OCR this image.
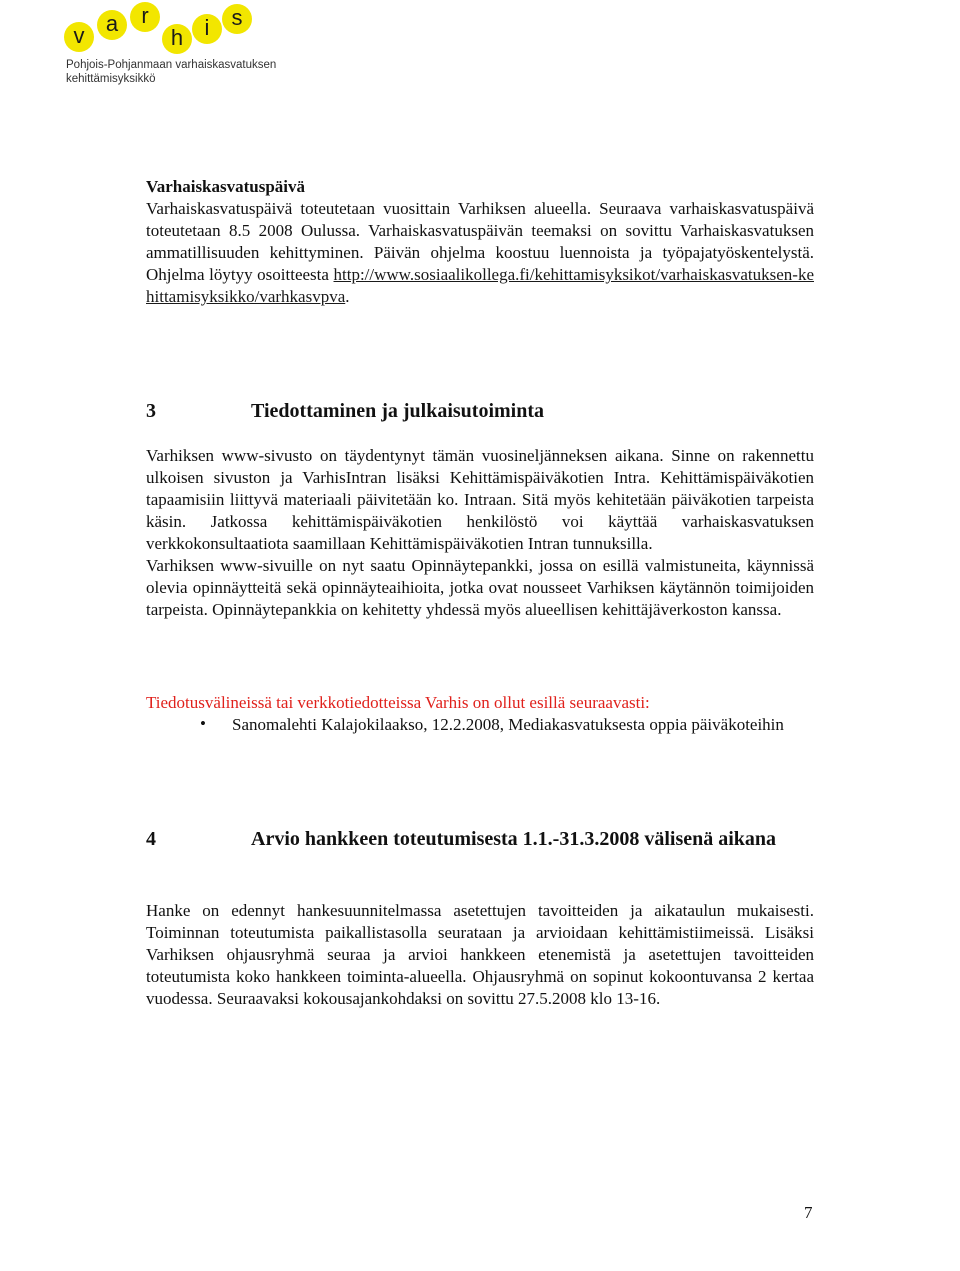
v a	r
h i	s
Pohjois-Pohjanmaan varhaiskasvatuksen
kehittämisyksikkö
Varhaiskasvatuspäivä

Varhaiskasvatuspäivä toteutetaan vuosittain Varhiksen alueella. Seuraava varhaiskasvatuspäivä toteutetaan 8.5 2008 Oulussa. Varhaiskasvatuspäivän teemaksi on sovittu Varhaiskasvatuksen ammatillisuuden kehittyminen. Päivän ohjelma koostuu luennoista ja työpajatyöskentelystä. Ohjelma löytyy osoitteesta http://www.sosiaalikollega.fi/kehittamisyksikot/varhaiskasvatuksen-kehittamisyksikko/varhkasvpva.

3	Tiedottaminen ja julkaisutoiminta

Varhiksen www-sivusto on täydentynyt tämän vuosineljänneksen aikana. Sinne on rakennettu ulkoisen sivuston ja VarhisIntran lisäksi Kehittämispäiväkotien Intra. Kehittämispäiväkotien tapaamisiin liittyvä materiaali päivitetään ko. Intraan. Sitä myös kehitetään päiväkotien tarpeista käsin. Jatkossa kehittämispäiväkotien henkilöstö voi käyttää varhaiskasvatuksen verkkokonsultaatiota saamillaan Kehittämispäiväkotien Intran tunnuksilla.

Varhiksen www-sivuille on nyt saatu Opinnäytepankki, jossa on esillä valmistuneita, käynnissä olevia opinnäytteitä sekä opinnäyteaihioita, jotka ovat nousseet Varhiksen käytännön toimijoiden tarpeista. Opinnäytepankkia on kehitetty yhdessä myös alueellisen kehittäjäverkoston kanssa.

Tiedotusvälineissä tai verkkotiedotteissa Varhis on ollut esillä seuraavasti:
• Sanomalehti Kalajokilaakso, 12.2.2008, Mediakasvatuksesta oppia päiväkoteihin
4	Arvio hankkeen toteutumisesta 1.1.-31.3.2008 välisenä aikana

Hanke on edennyt hankesuunnitelmassa asetettujen tavoitteiden ja aikataulun mukaisesti. Toiminnan toteutumista paikallistasolla seurataan ja arvioidaan kehittämistiimeissä. Lisäksi Varhiksen ohjausryhmä seuraa ja arvioi hankkeen etenemistä ja asetettujen tavoitteiden toteutumista koko hankkeen toiminta-alueella. Ohjausryhmä on sopinut kokoontuvansa 2 kertaa vuodessa. Seuraavaksi kokousajankohdaksi on sovittu 27.5.2008 klo 13-16.

7
